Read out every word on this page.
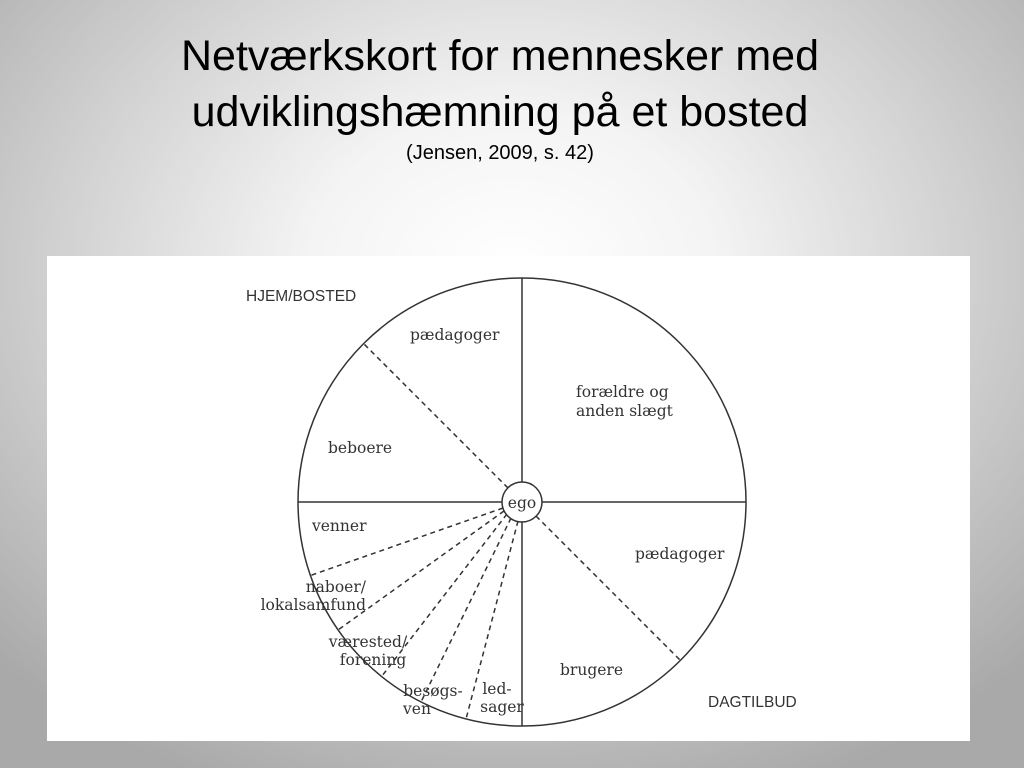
Netværkskort for mennesker med
udviklingshæmning på et bosted
(Jensen, 2009, s. 42)
ego
HJEM/BOSTED
DAGTILBUD
pædagoger
forældre og
anden slægt
beboere
venner
naboer/
lokalsamfund
værested/
forening
besøgs-
ven
led-
sager
pædagoger
brugere
